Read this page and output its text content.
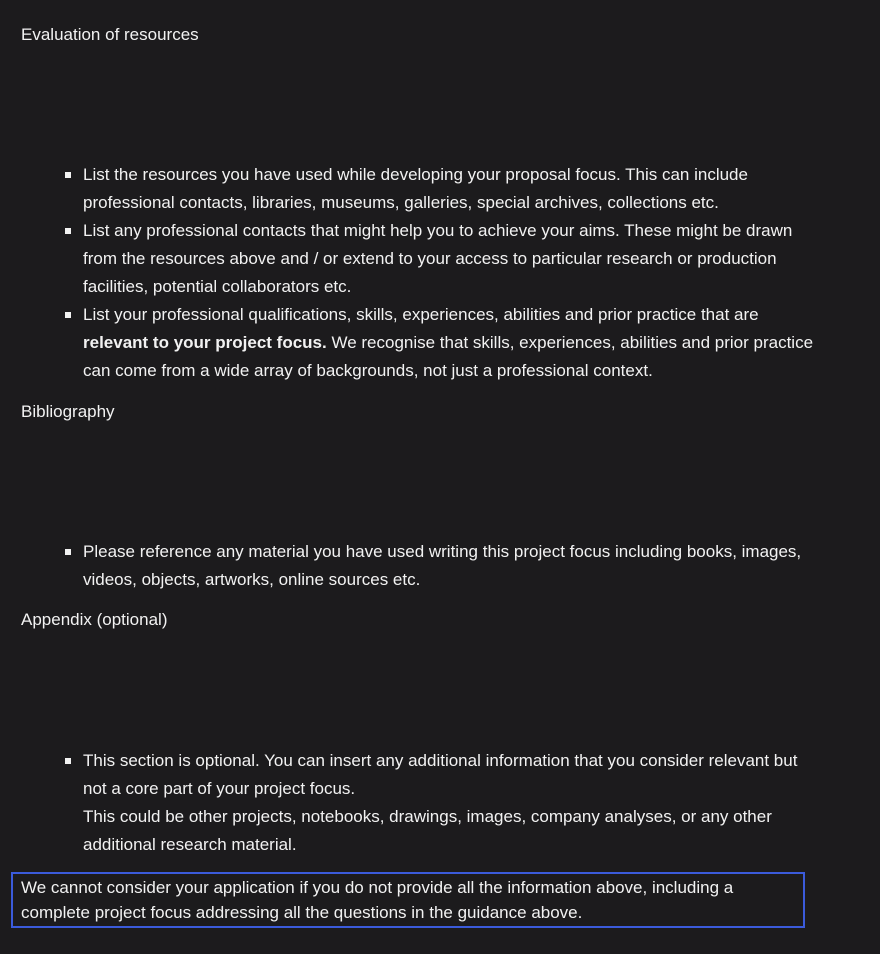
Evaluation of resources
List the resources you have used while developing your proposal focus. This can include professional contacts, libraries, museums, galleries, special archives, collections etc.
List any professional contacts that might help you to achieve your aims. These might be drawn from the resources above and / or extend to your access to particular research or production facilities, potential collaborators etc.
List your professional qualifications, skills, experiences, abilities and prior practice that are relevant to your project focus. We recognise that skills, experiences, abilities and prior practice can come from a wide array of backgrounds, not just a professional context.
Bibliography
Please reference any material you have used writing this project focus including books, images, videos, objects, artworks, online sources etc.
Appendix (optional)
This section is optional. You can insert any additional information that you consider relevant but not a core part of your project focus.
This could be other projects, notebooks, drawings, images, company analyses, or any other additional research material.
We cannot consider your application if you do not provide all the information above, including a complete project focus addressing all the questions in the guidance above.
